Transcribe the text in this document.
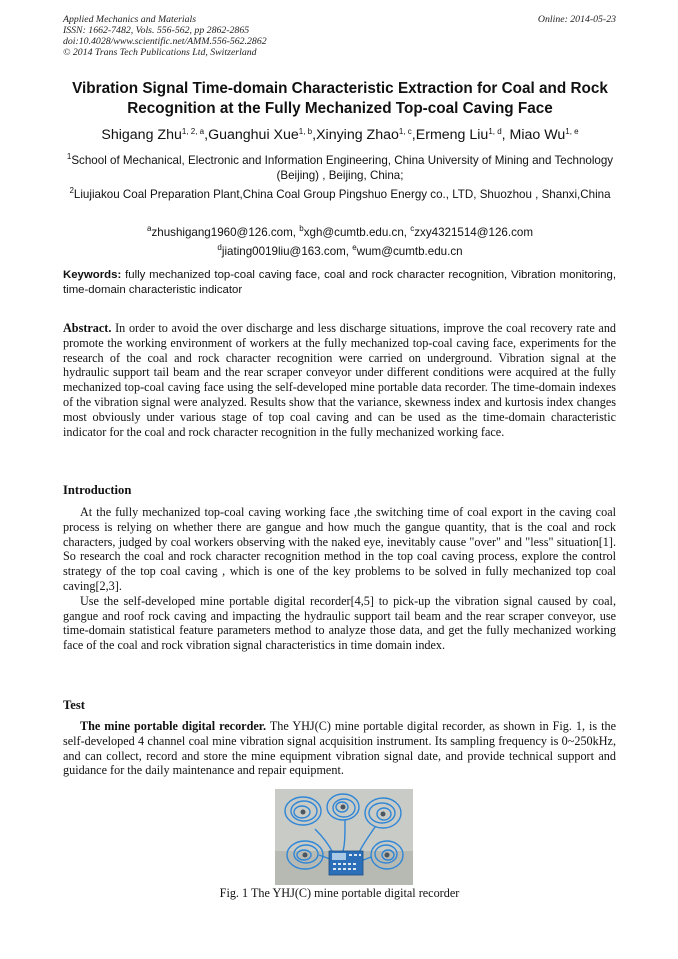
Applied Mechanics and Materials
ISSN: 1662-7482, Vols. 556-562, pp 2862-2865
doi:10.4028/www.scientific.net/AMM.556-562.2862
© 2014 Trans Tech Publications Ltd, Switzerland
Online: 2014-05-23
Vibration Signal Time-domain Characteristic Extraction for Coal and Rock Recognition at the Fully Mechanized Top-coal Caving Face
Shigang Zhu$^{1, 2, a}$,Guanghui Xue$^{1, b}$,Xinying Zhao$^{1, c}$,Ermeng Liu$^{1, d}$, Miao Wu$^{1, e}$
$^1$School of Mechanical, Electronic and Information Engineering, China University of Mining and Technology (Beijing) , Beijing, China;
$^2$Liujiakou Coal Preparation Plant,China Coal Group Pingshuo Energy co., LTD, Shuozhou , Shanxi,China
$^a$zhushigang1960@126.com, $^b$xgh@cumtb.edu.cn, $^c$zxy4321514@126.com
$^d$jiating0019liu@163.com, $^e$wum@cumtb.edu.cn
Keywords: fully mechanized top-coal caving face, coal and rock character recognition, Vibration monitoring, time-domain characteristic indicator
Abstract. In order to avoid the over discharge and less discharge situations, improve the coal recovery rate and promote the working environment of workers at the fully mechanized top-coal caving face, experiments for the research of the coal and rock character recognition were carried on underground. Vibration signal at the hydraulic support tail beam and the rear scraper conveyor under different conditions were acquired at the fully mechanized top-coal caving face using the self-developed mine portable data recorder. The time-domain indexes of the vibration signal were analyzed. Results show that the variance, skewness index and kurtosis index changes most obviously under various stage of top coal caving and can be used as the time-domain characteristic indicator for the coal and rock character recognition in the fully mechanized working face.
Introduction

At the fully mechanized top-coal caving working face ,the switching time of coal export in the caving coal process is relying on whether there are gangue and how much the gangue quantity, that is the coal and rock characters, judged by coal workers observing with the naked eye, inevitably cause "over" and "less" situation[1]. So research the coal and rock character recognition method in the top coal caving process, explore the control strategy of the top coal caving , which is one of the key problems to be solved in fully mechanized top coal caving[2,3].

Use the self-developed mine portable digital recorder[4,5] to pick-up the vibration signal caused by coal, gangue and roof rock caving and impacting the hydraulic support tail beam and the rear scraper conveyor, use time-domain statistical feature parameters method to analyze those data, and get the fully mechanized working face of the coal and rock vibration signal characteristics in time domain index.

Test

The mine portable digital recorder. The YHJ(C) mine portable digital recorder, as shown in Fig. 1, is the self-developed 4 channel coal mine vibration signal acquisition instrument. Its sampling frequency is 0~250kHz, and can collect, record and store the mine equipment vibration signal date, and provide technical support and guidance for the daily maintenance and repair equipment.

Fig. 1 The YHJ(C) mine portable digital recorder
